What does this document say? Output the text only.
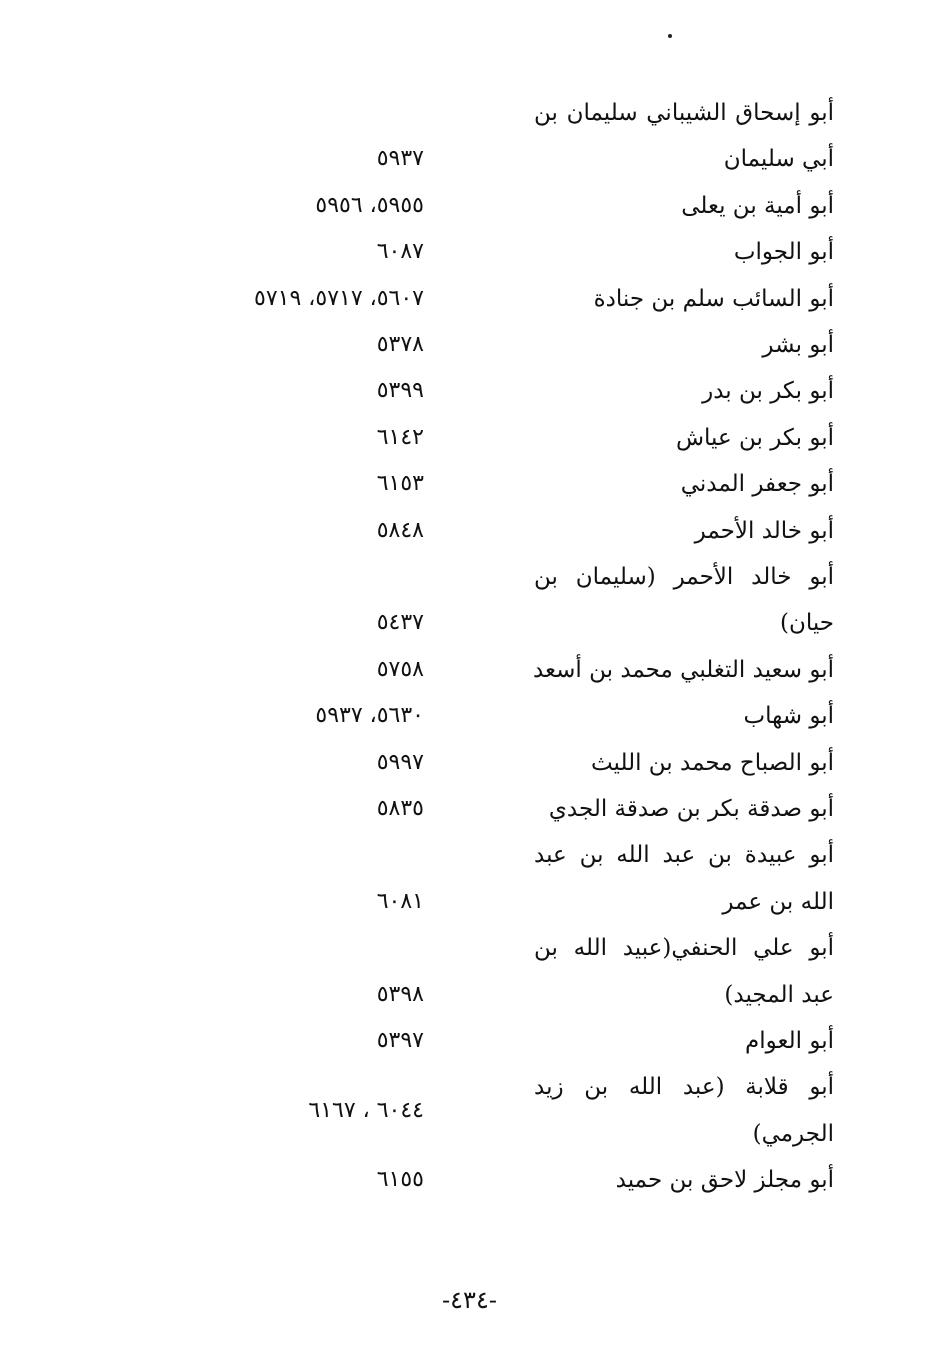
أبو إسحاق الشيباني سليمان بن
أبي سليمان
٥٩٣٧
أبو أمية بن يعلى
٥٩٥٥، ٥٩٥٦
أبو الجواب
٦٠٨٧
أبو السائب سلم بن جنادة
٥٦٠٧، ٥٧١٧، ٥٧١٩
أبو بشر
٥٣٧٨
أبو بكر بن بدر
٥٣٩٩
أبو بكر بن عياش
٦١٤٢
أبو جعفر المدني
٦١٥٣
أبو خالد الأحمر
٥٨٤٨
أبو خالد الأحمر (سليمان بن
حيان)
٥٤٣٧
أبو سعيد التغلبي محمد بن أسعد
٥٧٥٨
أبو شهاب
٥٦٣٠، ٥٩٣٧
أبو الصباح محمد بن الليث
٥٩٩٧
أبو صدقة بكر بن صدقة الجدي
٥٨٣٥
أبو عبيدة بن عبد الله بن عبد
الله بن عمر
٦٠٨١
أبو علي الحنفي(عبيد الله بن
عبد المجيد)
٥٣٩٨
أبو العوام
٥٣٩٧
أبو قلابة (عبد الله بن زيد
الجرمي)
٦٠٤٤ ، ٦١٦٧
أبو مجلز لاحق بن حميد
٦١٥٥
-٤٣٤-
